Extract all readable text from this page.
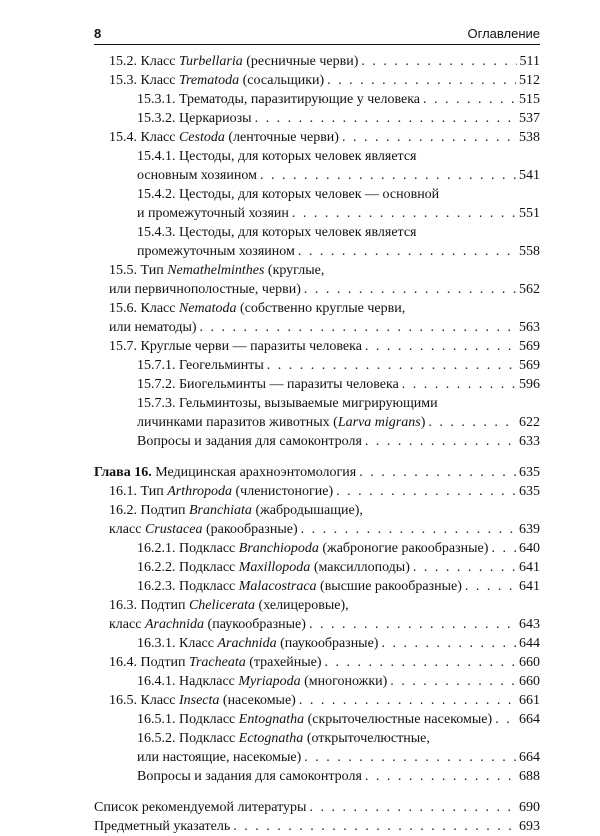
8	Оглавление
15.2. Класс Turbellaria (ресничные черви) . . .	511
15.3. Класс Trematoda (сосальщики) . . .	512
15.3.1. Трематоды, паразитирующие у человека . . .	515
15.3.2. Церкариозы . . .	537
15.4. Класс Cestoda (ленточные черви) . . .	538
15.4.1. Цестоды, для которых человек является
основным хозяином . . .	541
15.4.2. Цестоды, для которых человек — основной
и промежуточный хозяин . . .	551
15.4.3. Цестоды, для которых человек является
промежуточным хозяином . . .	558
15.5. Тип Nemathelminthes (круглые,
или первичнополостные, черви) . . .	562
15.6. Класс Nematoda (собственно круглые черви,
или нематоды) . . .	563
15.7. Круглые черви — паразиты человека . . .	569
15.7.1. Геогельминты . . .	569
15.7.2. Биогельминты — паразиты человека . . .	596
15.7.3. Гельминтозы, вызываемые мигрирующими
личинками паразитов животных (Larva migrans) . . .	622
Вопросы и задания для самоконтроля . . .	633
Глава 16. Медицинская арахноэнтомология . . .	635
16.1. Тип Arthropoda (членистоногие) . . .	635
16.2. Подтип Branchiata (жабродышащие),
класс Crustacea (ракообразные) . . .	639
16.2.1. Подкласс Branchiopoda (жаброногие ракообразные) . . . 640
16.2.2. Подкласс Maxillopoda (максиллоподы) . . .	641
16.2.3. Подкласс Malacostraca (высшие ракообразные) . . .	641
16.3. Подтип Chelicerata (хелицеровые),
класс Arachnida (паукообразные) . . .	643
16.3.1. Класс Arachnida (паукообразные) . . .	644
16.4. Подтип Tracheata (трахейные) . . .	660
16.4.1. Надкласс Myriapoda (многоножки) . . .	660
16.5. Класс Insecta (насекомые) . . .	661
16.5.1. Подкласс Entognatha (скрыточелюстные насекомые) . . . 664
16.5.2. Подкласс Ectognatha (открыточелюстные,
или настоящие, насекомые) . . .	664
Вопросы и задания для самоконтроля . . .	688
Список рекомендуемой литературы . . .	690
Предметный указатель . . .	693
